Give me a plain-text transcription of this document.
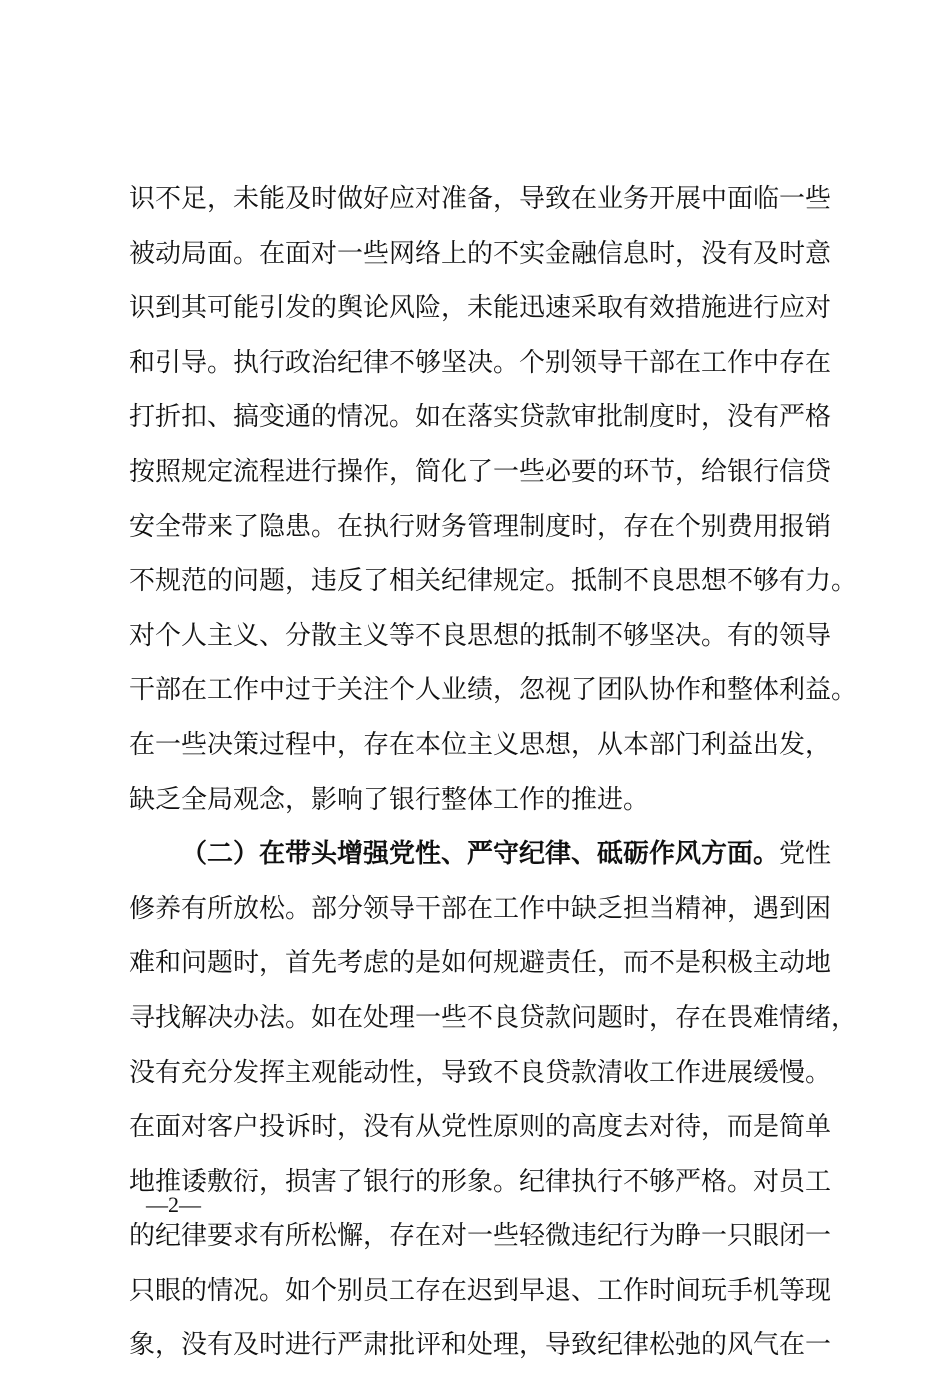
识不足，未能及时做好应对准备，导致在业务开展中面临一些
被动局面。在面对一些网络上的不实金融信息时，没有及时意
识到其可能引发的舆论风险，未能迅速采取有效措施进行应对
和引导。执行政治纪律不够坚决。个别领导干部在工作中存在
打折扣、搞变通的情况。如在落实贷款审批制度时，没有严格
按照规定流程进行操作，简化了一些必要的环节，给银行信贷
安全带来了隐患。在执行财务管理制度时，存在个别费用报销
不规范的问题，违反了相关纪律规定。抵制不良思想不够有力。
对个人主义、分散主义等不良思想的抵制不够坚决。有的领导
干部在工作中过于关注个人业绩，忽视了团队协作和整体利益。
在一些决策过程中，存在本位主义思想，从本部门利益出发，
缺乏全局观念，影响了银行整体工作的推进。
（二）在带头增强党性、严守纪律、砥砺作风方面。党性
修养有所放松。部分领导干部在工作中缺乏担当精神，遇到困
难和问题时，首先考虑的是如何规避责任，而不是积极主动地
寻找解决办法。如在处理一些不良贷款问题时，存在畏难情绪，
没有充分发挥主观能动性，导致不良贷款清收工作进展缓慢。
在面对客户投诉时，没有从党性原则的高度去对待，而是简单
地推诿敷衍，损害了银行的形象。纪律执行不够严格。对员工
的纪律要求有所松懈，存在对一些轻微违纪行为睁一只眼闭一
只眼的情况。如个别员工存在迟到早退、工作时间玩手机等现
象，没有及时进行严肃批评和处理，导致纪律松弛的风气在一
—2—
